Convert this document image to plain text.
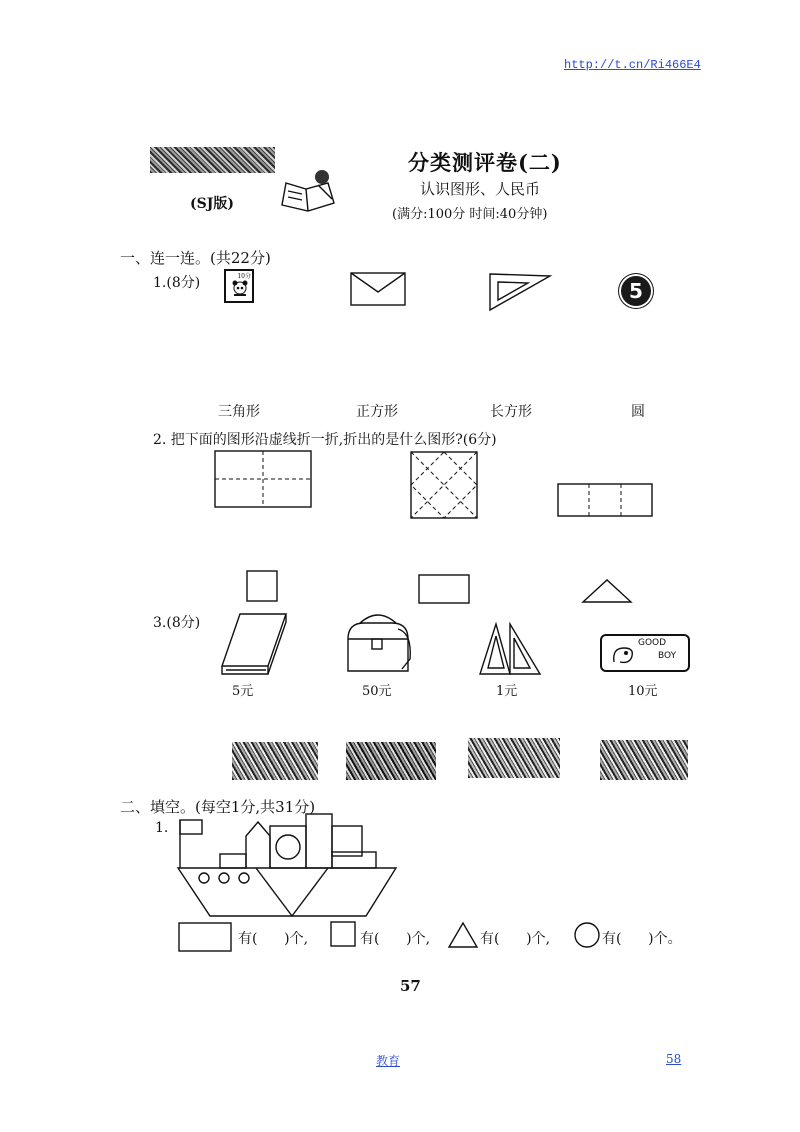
http://t.cn/Ri466E4
(SJ版)
分类测评卷(二)
认识图形、人民币
(满分:100分 时间:40分钟)
一、连一连。(共22分)
1.(8分)	10分
5
三角形	正方形	长方形	圆
2. 把下面的图形沿虚线折一折,折出的是什么图形?(6分)
3.(8分)
GOOD
BOY
5元	50元	1元	10元
二、填空。(每空1分,共31分)
1.
有(      )个,	有(      )个,	有(      )个,	有(      )个。
57
教育	58
